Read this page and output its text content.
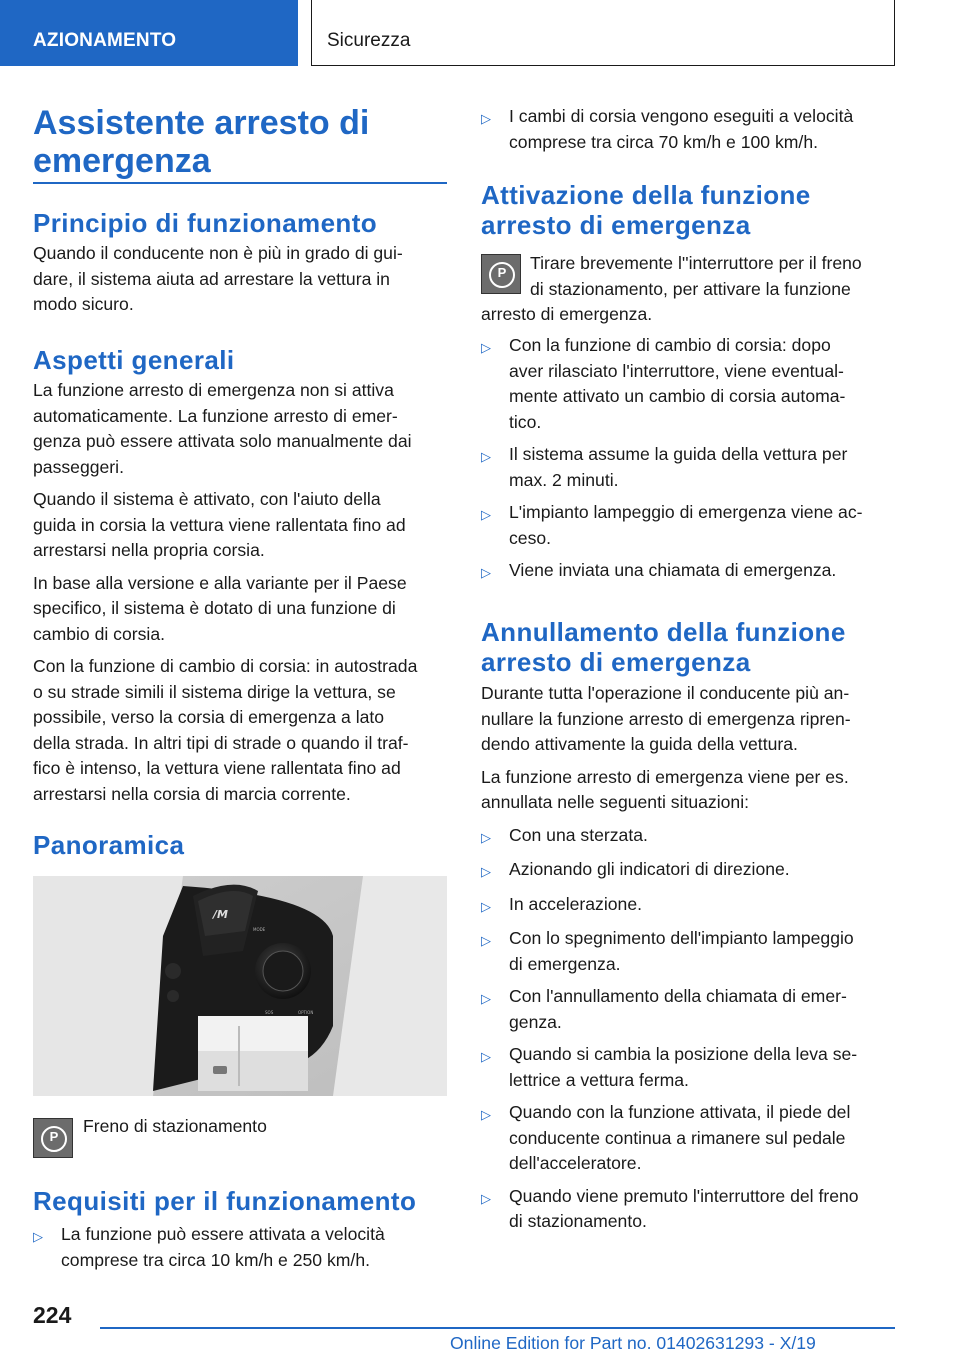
AZIONAMENTO	Sicurezza
Assistente arresto di
emergenza
Principio di funzionamento
Quando il conducente non è più in grado di gui-
dare, il sistema aiuta ad arrestare la vettura in
modo sicuro.
Aspetti generali
La funzione arresto di emergenza non si attiva
automaticamente. La funzione arresto di emer-
genza può essere attivata solo manualmente dai
passeggeri.
Quando il sistema è attivato, con l'aiuto della
guida in corsia la vettura viene rallentata fino ad
arrestarsi nella propria corsia.
In base alla versione e alla variante per il Paese
specifico, il sistema è dotato di una funzione di
cambio di corsia.
Con la funzione di cambio di corsia: in autostrada
o su strade simili il sistema dirige la vettura, se
possibile, verso la corsia di emergenza a lato
della strada. In altri tipi di strade o quando il traf-
fico è intenso, la vettura viene rallentata fino ad
arrestarsi nella corsia di marcia corrente.
Panoramica
/M
MODE
SOS	OPTION
P
Freno di stazionamento
Requisiti per il funzionamento
▷	La funzione può essere attivata a velocità
comprese tra circa 10 km/h e 250 km/h.
▷	I cambi di corsia vengono eseguiti a velocità
comprese tra circa 70 km/h e 100 km/h.
Attivazione della funzione
arresto di emergenza
P	Tirare brevemente l''interruttore per il freno
di stazionamento, per attivare la funzione
arresto di emergenza.
▷	Con la funzione di cambio di corsia: dopo
aver rilasciato l'interruttore, viene eventual-
mente attivato un cambio di corsia automa-
tico.
▷	Il sistema assume la guida della vettura per
max. 2 minuti.
▷	L'impianto lampeggio di emergenza viene ac-
ceso.
▷	Viene inviata una chiamata di emergenza.
Annullamento della funzione
arresto di emergenza
Durante tutta l'operazione il conducente più an-
nullare la funzione arresto di emergenza ripren-
dendo attivamente la guida della vettura.
La funzione arresto di emergenza viene per es.
annullata nelle seguenti situazioni:
▷	Con una sterzata.
▷	Azionando gli indicatori di direzione.
▷	In accelerazione.
▷	Con lo spegnimento dell'impianto lampeggio
di emergenza.
▷	Con l'annullamento della chiamata di emer-
genza.
▷	Quando si cambia la posizione della leva se-
lettrice a vettura ferma.
▷	Quando con la funzione attivata, il piede del
conducente continua a rimanere sul pedale
dell'acceleratore.
▷	Quando viene premuto l'interruttore del freno
di stazionamento.
224
Online Edition for Part no. 01402631293 - X/19
